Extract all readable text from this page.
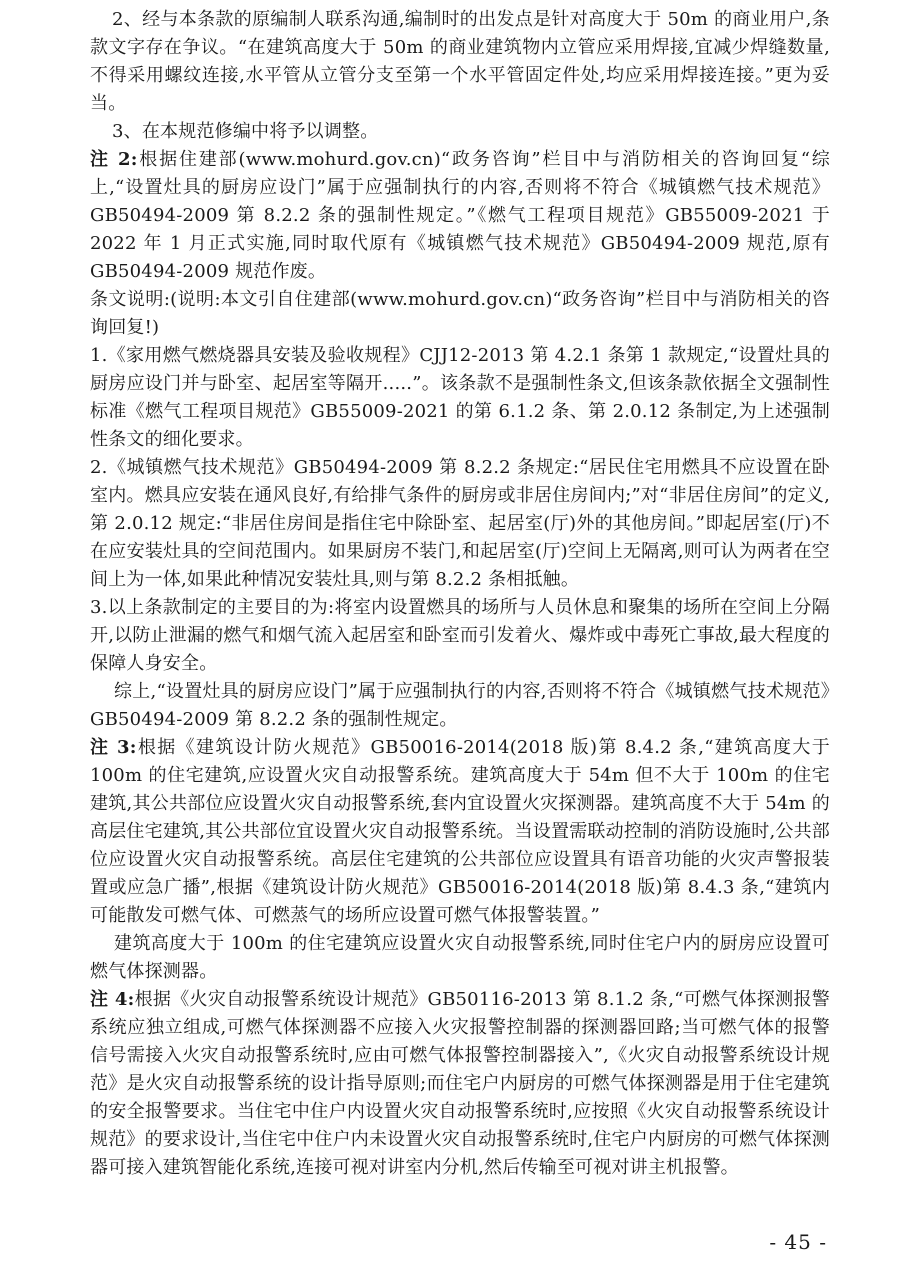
2、经与本条款的原编制人联系沟通,编制时的出发点是针对高度大于 50m 的商业用户,条款文字存在争议。“在建筑高度大于 50m 的商业建筑物内立管应采用焊接,宜减少焊缝数量,不得采用螺纹连接,水平管从立管分支至第一个水平管固定件处,均应采用焊接连接。”更为妥当。

3、在本规范修编中将予以调整。

注 2:根据住建部(www.mohurd.gov.cn)“政务咨询”栏目中与消防相关的咨询回复“综上,“设置灶具的厨房应设门”属于应强制执行的内容,否则将不符合《城镇燃气技术规范》GB50494-2009 第 8.2.2 条的强制性规定。”《燃气工程项目规范》GB55009-2021 于 2022 年 1 月正式实施,同时取代原有《城镇燃气技术规范》GB50494-2009 规范,原有 GB50494-2009 规范作废。

条文说明:(说明:本文引自住建部(www.mohurd.gov.cn)“政务咨询”栏目中与消防相关的咨询回复!)

1.《家用燃气燃烧器具安装及验收规程》CJJ12-2013 第 4.2.1 条第 1 款规定,“设置灶具的厨房应设门并与卧室、起居室等隔开.....”。该条款不是强制性条文,但该条款依据全文强制性标准《燃气工程项目规范》GB55009-2021 的第 6.1.2 条、第 2.0.12 条制定,为上述强制性条文的细化要求。

2.《城镇燃气技术规范》GB50494-2009 第 8.2.2 条规定:“居民住宅用燃具不应设置在卧室内。燃具应安装在通风良好,有给排气条件的厨房或非居住房间内;”对“非居住房间”的定义,第 2.0.12 规定:“非居住房间是指住宅中除卧室、起居室(厅)外的其他房间。”即起居室(厅)不在应安装灶具的空间范围内。如果厨房不装门,和起居室(厅)空间上无隔离,则可认为两者在空间上为一体,如果此种情况安装灶具,则与第 8.2.2 条相抵触。

3.以上条款制定的主要目的为:将室内设置燃具的场所与人员休息和聚集的场所在空间上分隔开,以防止泄漏的燃气和烟气流入起居室和卧室而引发着火、爆炸或中毒死亡事故,最大程度的保障人身安全。

综上,“设置灶具的厨房应设门”属于应强制执行的内容,否则将不符合《城镇燃气技术规范》GB50494-2009 第 8.2.2 条的强制性规定。

注 3:根据《建筑设计防火规范》GB50016-2014(2018 版)第 8.4.2 条,“建筑高度大于 100m 的住宅建筑,应设置火灾自动报警系统。建筑高度大于 54m 但不大于 100m 的住宅建筑,其公共部位应设置火灾自动报警系统,套内宜设置火灾探测器。建筑高度不大于 54m 的高层住宅建筑,其公共部位宜设置火灾自动报警系统。当设置需联动控制的消防设施时,公共部位应设置火灾自动报警系统。高层住宅建筑的公共部位应设置具有语音功能的火灾声警报装置或应急广播”,根据《建筑设计防火规范》GB50016-2014(2018 版)第 8.4.3 条,“建筑内可能散发可燃气体、可燃蒸气的场所应设置可燃气体报警装置。”

建筑高度大于 100m 的住宅建筑应设置火灾自动报警系统,同时住宅户内的厨房应设置可燃气体探测器。

注 4:根据《火灾自动报警系统设计规范》GB50116-2013 第 8.1.2 条,“可燃气体探测报警系统应独立组成,可燃气体探测器不应接入火灾报警控制器的探测器回路;当可燃气体的报警信号需接入火灾自动报警系统时,应由可燃气体报警控制器接入”,《火灾自动报警系统设计规范》是火灾自动报警系统的设计指导原则;而住宅户内厨房的可燃气体探测器是用于住宅建筑的安全报警要求。当住宅中住户内设置火灾自动报警系统时,应按照《火灾自动报警系统设计规范》的要求设计,当住宅中住户内未设置火灾自动报警系统时,住宅户内厨房的可燃气体探测器可接入建筑智能化系统,连接可视对讲室内分机,然后传输至可视对讲主机报警。

- 45 -
